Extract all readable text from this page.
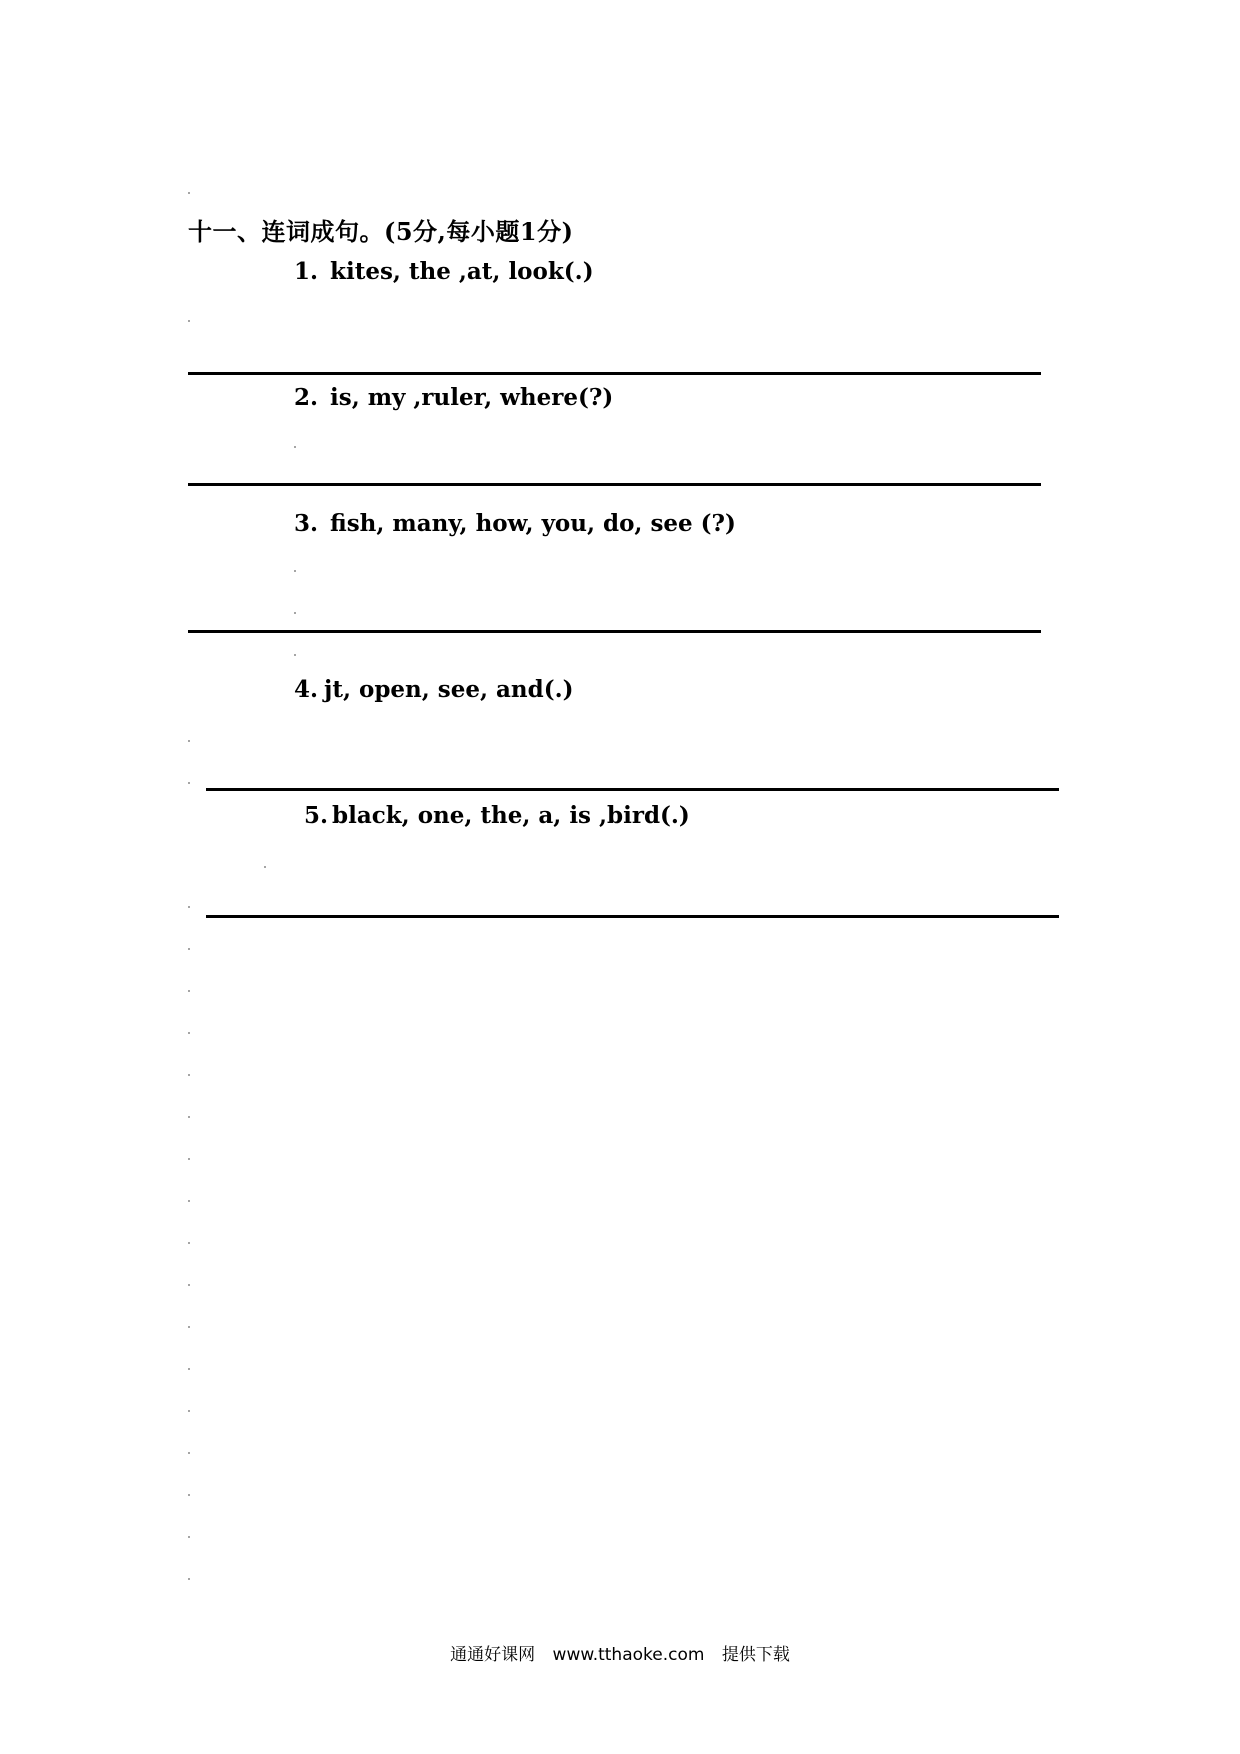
十一、连词成句。(5分,每小题1分)
1. kites, the ,at, look(.)
2. is, my ,ruler, where(?)
3. fish, many, how, you, do, see (?)
4. jt, open, see, and(.)
5. black, one, the, a, is ,bird(.)
通通好课网 www.tthaoke.com 提供下载
